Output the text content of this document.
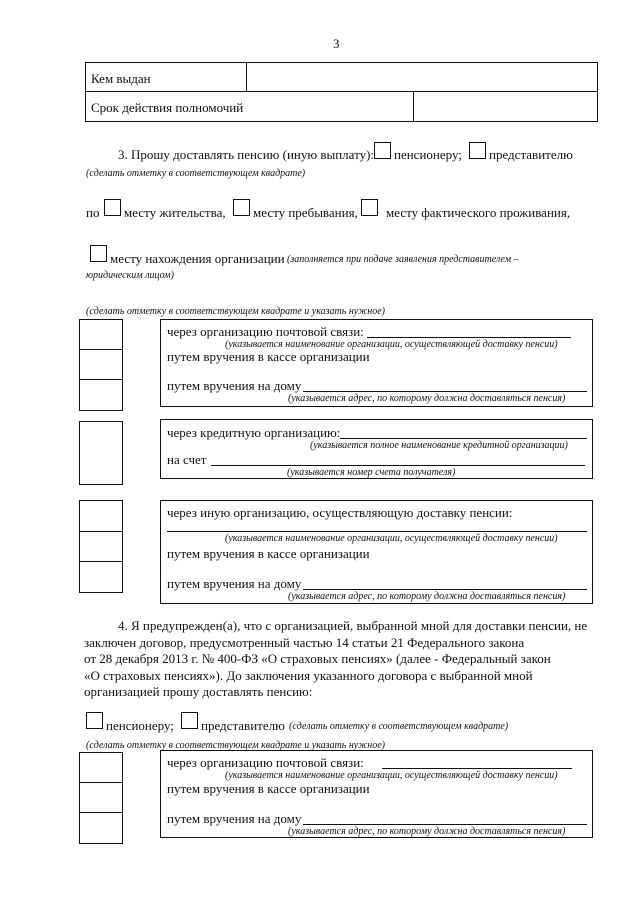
3
Кем выдан
Срок действия полномочий
3. Прошу доставлять пенсию (иную выплату): пенсионеру; представителю
(сделать отметку в соответствующем квадрате)
по месту жительства, месту пребывания, месту фактического проживания,
месту нахождения организации (заполняется при подаче заявления представителем –
юридическим лицом)
(сделать отметку в соответствующем квадрате и указать нужное)
через организацию почтовой связи:
(указывается наименование организации, осуществляющей доставку пенсии)
путем вручения в кассе организации
путем вручения на дому
(указывается адрес, по которому должна доставляться пенсия)
через кредитную организацию:
(указывается полное наименование кредитной организации)
на счет
(указывается номер счета получателя)
через иную организацию, осуществляющую доставку пенсии:
(указывается наименование организации, осуществляющей доставку пенсии)
путем вручения в кассе организации
путем вручения на дому
(указывается адрес, по которому должна доставляться пенсия)
4. Я предупрежден(а), что с организацией, выбранной мной для доставки пенсии, не
заключен договор, предусмотренный частью 14 статьи 21 Федерального закона
от 28 декабря 2013 г. № 400-ФЗ «О страховых пенсиях» (далее - Федеральный закон
«О страховых пенсиях»). До заключения указанного договора с выбранной мной
организацией прошу доставлять пенсию:
пенсионеру; представителю (сделать отметку в соответствующем квадрате)
(сделать отметку в соответствующем квадрате и указать нужное)
через организацию почтовой связи:
(указывается наименование организации, осуществляющей доставку пенсии)
путем вручения в кассе организации
путем вручения на дому
(указывается адрес, по которому должна доставляться пенсия)
